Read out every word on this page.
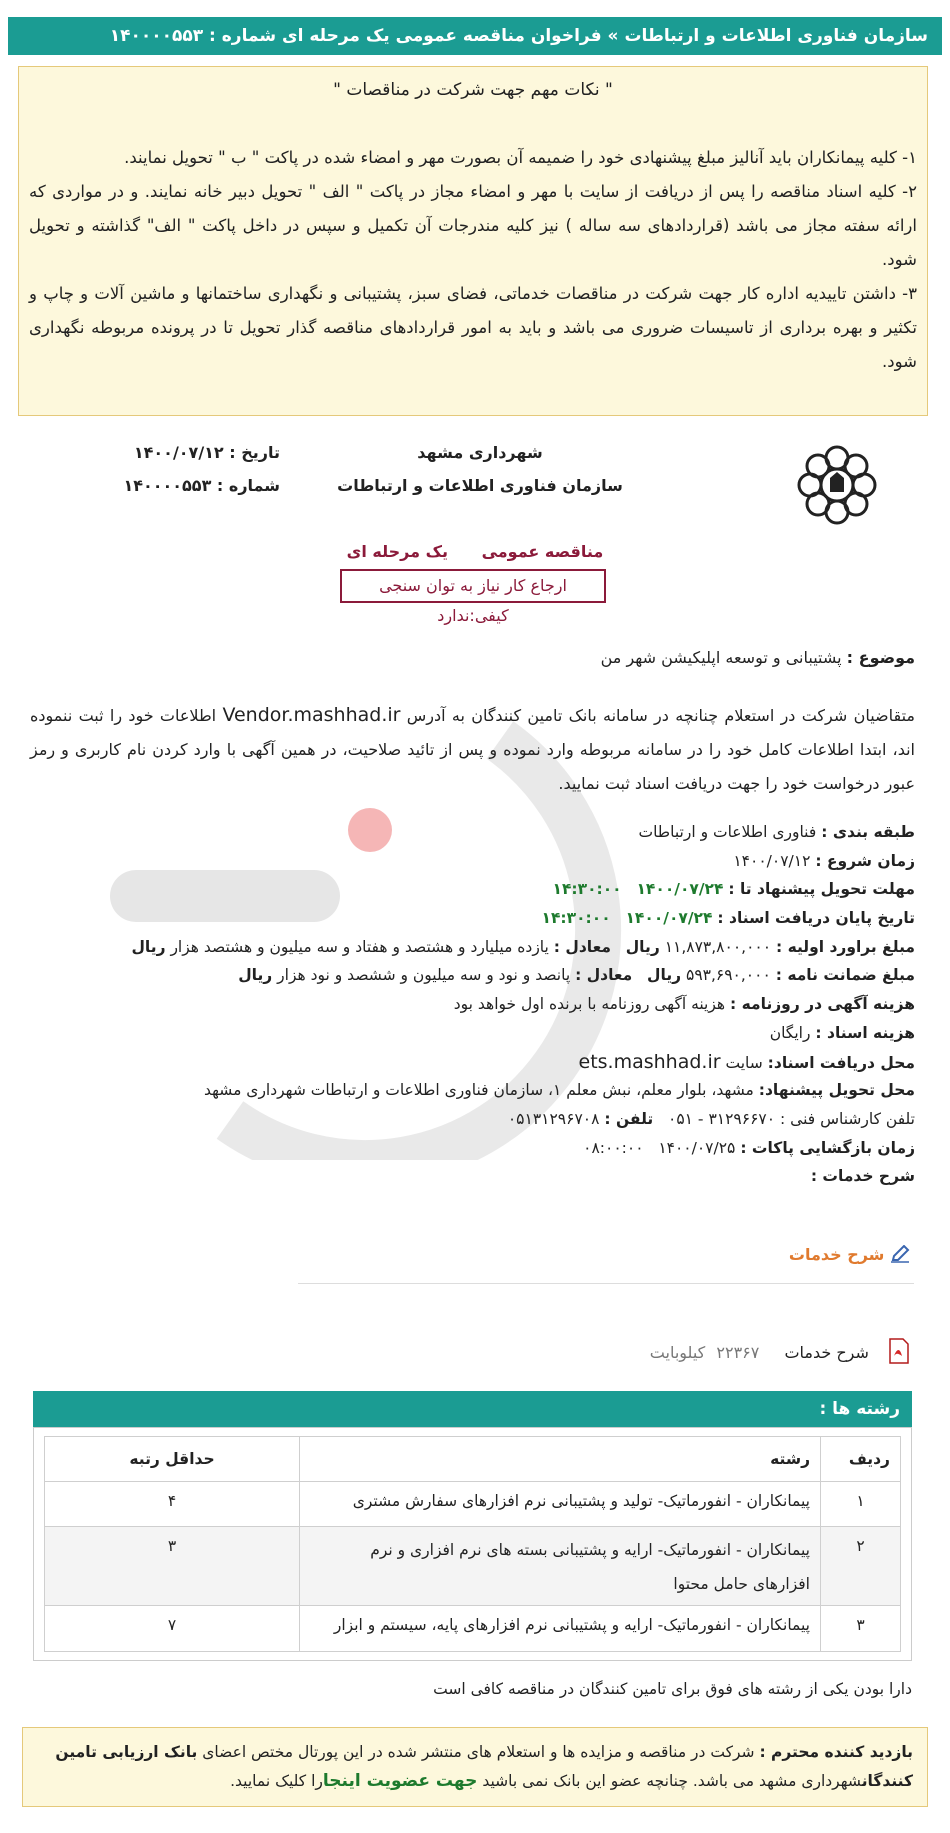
سازمان فناوری اطلاعات و ارتباطات » فراخوان مناقصه عمومی یک مرحله ای شماره : ۱۴۰۰۰۰۵۵۳
" نکات مهم جهت شرکت در مناقصات "

۱- کلیه پیمانکاران باید آنالیز مبلغ پیشنهادی خود را ضمیمه آن بصورت مهر و امضاء شده در پاکت " ب " تحویل نمایند.

۲- کلیه اسناد مناقصه را پس از دریافت از سایت با مهر و امضاء مجاز در پاکت " الف " تحویل دبیر خانه نمایند. و در مواردی که ارائه سفته مجاز می باشد (قراردادهای سه ساله ) نیز کلیه مندرجات آن تکمیل و سپس در داخل پاکت " الف" گذاشته و تحویل شود.

۳- داشتن تاییدیه اداره کار جهت شرکت در مناقصات خدماتی، فضای سبز، پشتیبانی و نگهداری ساختمانها و ماشین آلات و چاپ و تکثیر و بهره برداری از تاسیسات ضروری می باشد و باید به امور قراردادهای مناقصه گذار تحویل تا در پرونده مربوطه نگهداری شود.

شهرداری مشهد
سازمان فناوری اطلاعات و ارتباطات
تاریخ : ۱۴۰۰/۰۷/۱۲
شماره : ۱۴۰۰۰۰۵۵۳
مناقصه عمومی یک مرحله ای
ارجاع کار نیاز به توان سنجی کیفی:ندارد
موضوع : پشتیبانی و توسعه اپلیکیشن شهر من
متقاضیان شرکت در استعلام چنانچه در سامانه بانک تامین کنندگان به آدرس Vendor.mashhad.ir اطلاعات خود را ثبت ننموده اند، ابتدا اطلاعات کامل خود را در سامانه مربوطه وارد نموده و پس از تائید صلاحیت، در همین آگهی با وارد کردن نام کاربری و رمز عبور درخواست خود را جهت دریافت اسناد ثبت نمایید.
طبقه بندی : فناوری اطلاعات و ارتباطات
زمان شروع : ۱۴۰۰/۰۷/۱۲
مهلت تحویل پیشنهاد تا : ۱۴۰۰/۰۷/۲۴   ۱۴:۳۰:۰۰
تاریخ پایان دریافت اسناد : ۱۴۰۰/۰۷/۲۴   ۱۴:۳۰:۰۰
مبلغ براورد اولیه : ۱۱,۸۷۳,۸۰۰,۰۰۰ ریال   معادل : یازده میلیارد و هشتصد و هفتاد و سه میلیون و هشتصد هزار ریال
مبلغ ضمانت نامه : ۵۹۳,۶۹۰,۰۰۰ ریال   معادل : پانصد و نود و سه میلیون و ششصد و نود هزار ریال
هزینه آگهی در روزنامه : هزینه آگهی روزنامه با برنده اول خواهد بود
هزینه اسناد : رایگان
محل دریافت اسناد: سایت ets.mashhad.ir
محل تحویل پیشنهاد: مشهد، بلوار معلم، نبش معلم ۱، سازمان فناوری اطلاعات و ارتباطات شهرداری مشهد
تلفن کارشناس فنی : ۳۱۲۹۶۶۷۰ - ۰۵۱   تلفن : ۰۵۱۳۱۲۹۶۷۰۸
زمان بازگشایی پاکات : ۱۴۰۰/۰۷/۲۵   ۰۸:۰۰:۰۰
شرح خدمات :
شرح خدمات
شرح خدمات ۲۲۳۶۷ کیلوبایت
رشته ها :
ردیف	رشته	حداقل رتبه
۱	پیمانکاران - انفورماتیک- تولید و پشتیبانی نرم افزارهای سفارش مشتری	۴
۲	پیمانکاران - انفورماتیک- ارایه و پشتیبانی بسته های نرم افزاری و نرم افزارهای حامل محتوا	۳
۳	پیمانکاران - انفورماتیک- ارایه و پشتیبانی نرم افزارهای پایه، سیستم و ابزار	۷
دارا بودن یکی از رشته های فوق برای تامین کنندگان در مناقصه کافی است
بازدید کننده محترم : شرکت در مناقصه و مزایده ها و استعلام های منتشر شده در این پورتال مختص اعضای بانک ارزیابی تامین کنندگانشهرداری مشهد می باشد. چنانچه عضو این بانک نمی باشید جهت عضویت اینجارا کلیک نمایید.
